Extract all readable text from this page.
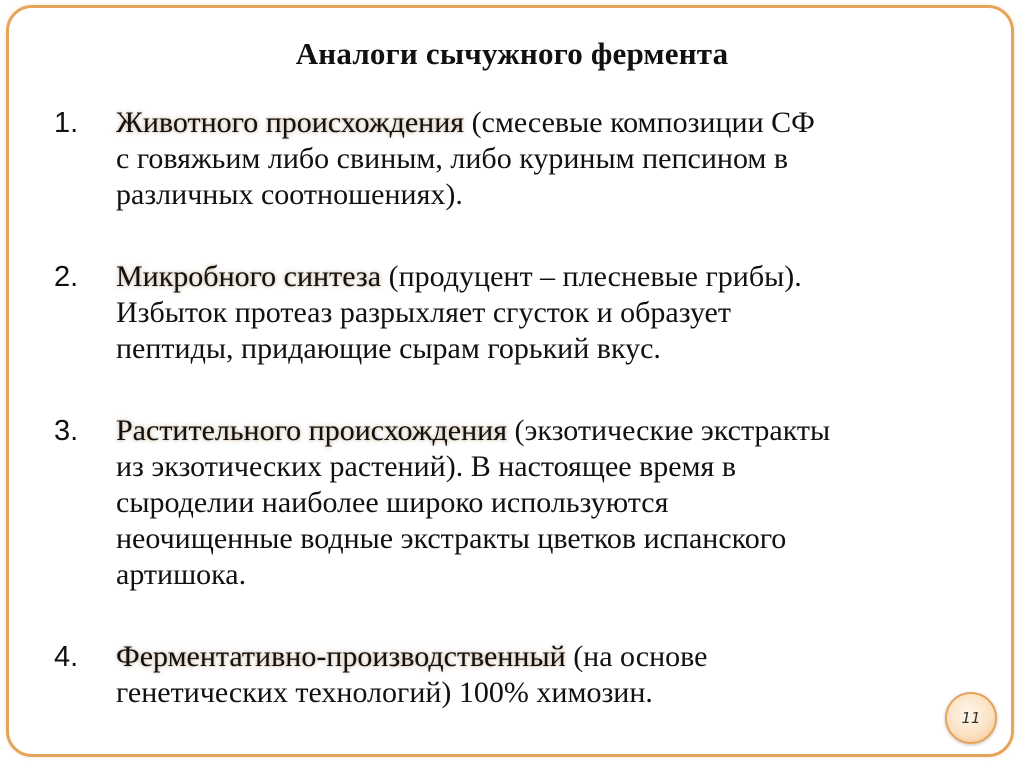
Аналоги сычужного фермента
1. Животного происхождения (смесевые композиции СФ
с говяжьим либо свиным, либо куриным пепсином в
различных соотношениях).
2. Микробного синтеза (продуцент – плесневые грибы).
Избыток протеаз разрыхляет сгусток и образует
пептиды, придающие сырам горький вкус.
3. Растительного происхождения (экзотические экстракты
из экзотических растений). В настоящее время в
сыроделии наиболее широко используются
неочищенные водные экстракты цветков испанского
артишока.
4. Ферментативно-производственный (на основе
генетических технологий) 100% химозин.
11
